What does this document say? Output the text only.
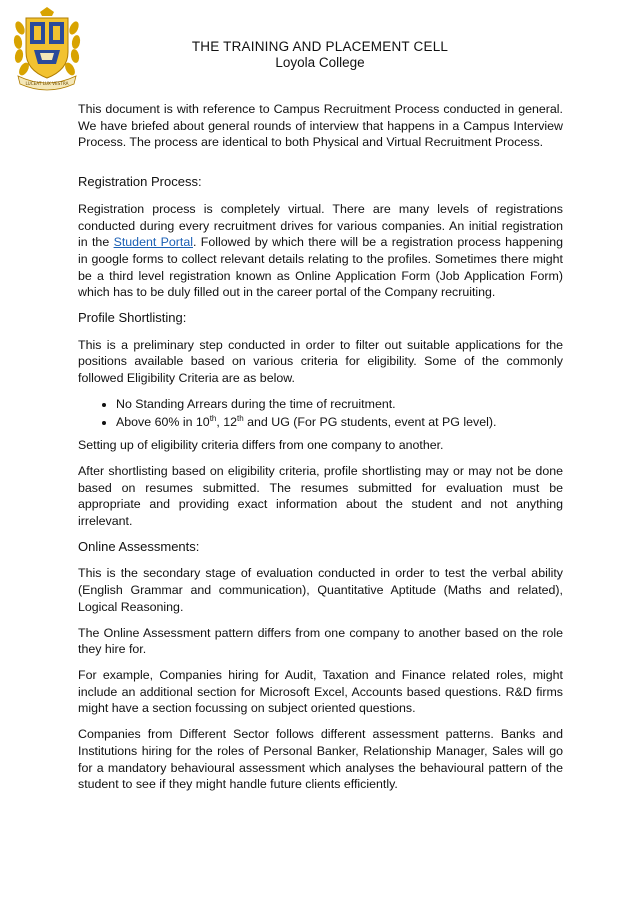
LUCEAT LUX VESTRA
THE TRAINING AND PLACEMENT CELL
Loyola College

This document is with reference to Campus Recruitment Process conducted in general. We have briefed about general rounds of interview that happens in a Campus Interview Process. The process are identical to both Physical and Virtual Recruitment Process.

Registration Process:

Registration process is completely virtual. There are many levels of registrations conducted during every recruitment drives for various companies. An initial registration in the Student Portal. Followed by which there will be a registration process happening in google forms to collect relevant details relating to the profiles. Sometimes there might be a third level registration known as Online Application Form (Job Application Form) which has to be duly filled out in the career portal of the Company recruiting.

Profile Shortlisting:

This is a preliminary step conducted in order to filter out suitable applications for the positions available based on various criteria for eligibility. Some of the commonly followed Eligibility Criteria are as below.

• No Standing Arrears during the time of recruitment.
• Above 60% in 10th, 12th and UG (For PG students, event at PG level).

Setting up of eligibility criteria differs from one company to another.

After shortlisting based on eligibility criteria, profile shortlisting may or may not be done based on resumes submitted. The resumes submitted for evaluation must be appropriate and providing exact information about the student and not anything irrelevant.

Online Assessments:

This is the secondary stage of evaluation conducted in order to test the verbal ability (English Grammar and communication), Quantitative Aptitude (Maths and related), Logical Reasoning.

The Online Assessment pattern differs from one company to another based on the role they hire for.

For example, Companies hiring for Audit, Taxation and Finance related roles, might include an additional section for Microsoft Excel, Accounts based questions. R&D firms might have a section focussing on subject oriented questions.

Companies from Different Sector follows different assessment patterns. Banks and Institutions hiring for the roles of Personal Banker, Relationship Manager, Sales will go for a mandatory behavioural assessment which analyses the behavioural pattern of the student to see if they might handle future clients efficiently.
